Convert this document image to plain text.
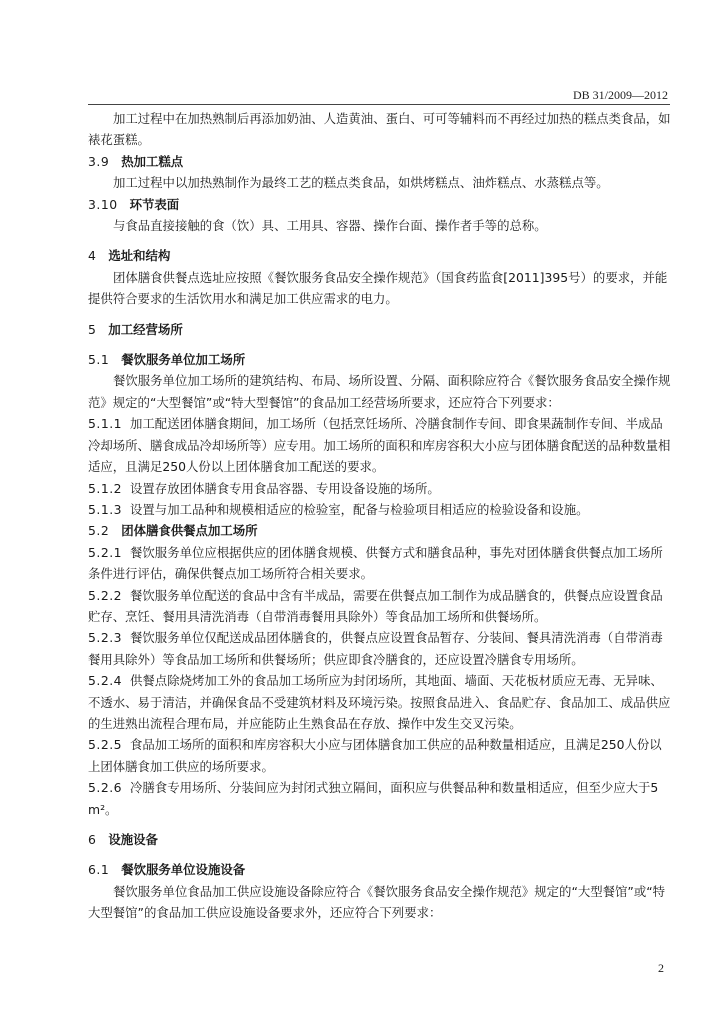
DB 31/2009—2012

加工过程中在加热熟制后再添加奶油、人造黄油、蛋白、可可等辅料而不再经过加热的糕点类食品，如裱花蛋糕。

3.9 热加工糕点

加工过程中以加热熟制作为最终工艺的糕点类食品，如烘烤糕点、油炸糕点、水蒸糕点等。

3.10 环节表面

与食品直接接触的食（饮）具、工用具、容器、操作台面、操作者手等的总称。

4 选址和结构

团体膳食供餐点选址应按照《餐饮服务食品安全操作规范》（国食药监食[2011]395号）的要求，并能提供符合要求的生活饮用水和满足加工供应需求的电力。

5 加工经营场所

5.1 餐饮服务单位加工场所

餐饮服务单位加工场所的建筑结构、布局、场所设置、分隔、面积除应符合《餐饮服务食品安全操作规范》规定的“大型餐馆”或“特大型餐馆”的食品加工经营场所要求，还应符合下列要求：

5.1.1 加工配送团体膳食期间，加工场所（包括烹饪场所、冷膳食制作专间、即食果蔬制作专间、半成品冷却场所、膳食成品冷却场所等）应专用。加工场所的面积和库房容积大小应与团体膳食配送的品种数量相适应，且满足250人份以上团体膳食加工配送的要求。

5.1.2 设置存放团体膳食专用食品容器、专用设备设施的场所。

5.1.3 设置与加工品种和规模相适应的检验室，配备与检验项目相适应的检验设备和设施。

5.2 团体膳食供餐点加工场所

5.2.1 餐饮服务单位应根据供应的团体膳食规模、供餐方式和膳食品种，事先对团体膳食供餐点加工场所条件进行评估，确保供餐点加工场所符合相关要求。

5.2.2 餐饮服务单位配送的食品中含有半成品，需要在供餐点加工制作为成品膳食的，供餐点应设置食品贮存、烹饪、餐用具清洗消毒（自带消毒餐用具除外）等食品加工场所和供餐场所。

5.2.3 餐饮服务单位仅配送成品团体膳食的，供餐点应设置食品暂存、分装间、餐具清洗消毒（自带消毒餐用具除外）等食品加工场所和供餐场所；供应即食冷膳食的，还应设置冷膳食专用场所。

5.2.4 供餐点除烧烤加工外的食品加工场所应为封闭场所，其地面、墙面、天花板材质应无毒、无异味、不透水、易于清洁，并确保食品不受建筑材料及环境污染。按照食品进入、食品贮存、食品加工、成品供应的生进熟出流程合理布局，并应能防止生熟食品在存放、操作中发生交叉污染。

5.2.5 食品加工场所的面积和库房容积大小应与团体膳食加工供应的品种数量相适应，且满足250人份以上团体膳食加工供应的场所要求。

5.2.6 冷膳食专用场所、分装间应为封闭式独立隔间，面积应与供餐品种和数量相适应，但至少应大于5 m²。

6 设施设备

6.1 餐饮服务单位设施设备

餐饮服务单位食品加工供应设施设备除应符合《餐饮服务食品安全操作规范》规定的“大型餐馆”或“特大型餐馆”的食品加工供应设施设备要求外，还应符合下列要求：

2
